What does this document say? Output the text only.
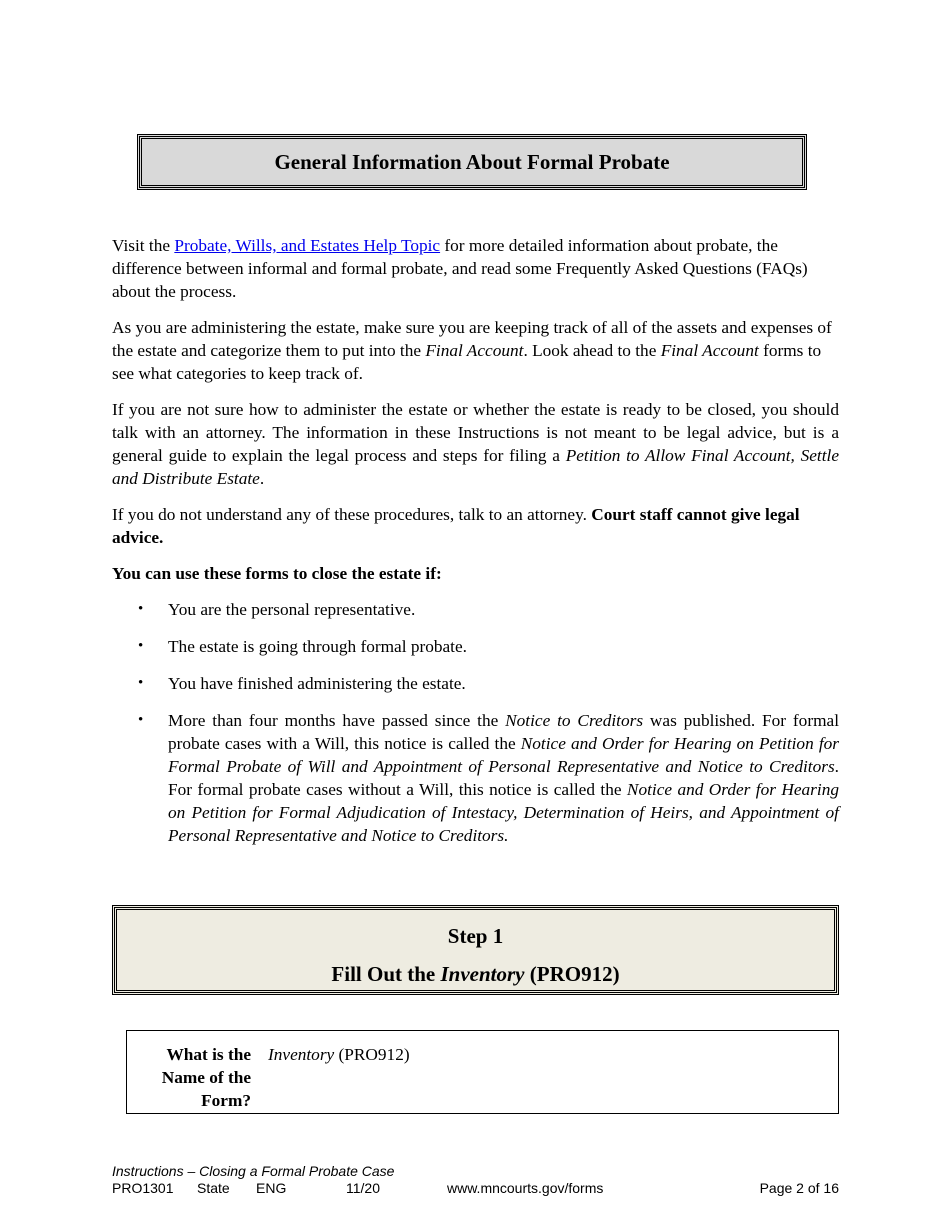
General Information About Formal Probate
Visit the Probate, Wills, and Estates Help Topic for more detailed information about probate, the difference between informal and formal probate, and read some Frequently Asked Questions (FAQs) about the process.
As you are administering the estate, make sure you are keeping track of all of the assets and expenses of the estate and categorize them to put into the Final Account. Look ahead to the Final Account forms to see what categories to keep track of.
If you are not sure how to administer the estate or whether the estate is ready to be closed, you should talk with an attorney. The information in these Instructions is not meant to be legal advice, but is a general guide to explain the legal process and steps for filing a Petition to Allow Final Account, Settle and Distribute Estate.
If you do not understand any of these procedures, talk to an attorney. Court staff cannot give legal advice.
You can use these forms to close the estate if:
• You are the personal representative.
• The estate is going through formal probate.
• You have finished administering the estate.
• More than four months have passed since the Notice to Creditors was published. For formal probate cases with a Will, this notice is called the Notice and Order for Hearing on Petition for Formal Probate of Will and Appointment of Personal Representative and Notice to Creditors. For formal probate cases without a Will, this notice is called the Notice and Order for Hearing on Petition for Formal Adjudication of Intestacy, Determination of Heirs, and Appointment of Personal Representative and Notice to Creditors.
Step 1
Fill Out the Inventory (PRO912)
What is the
Name of the
Form?
Inventory (PRO912)
Instructions – Closing a Formal Probate Case
PRO1301 State ENG	11/20	www.mncourts.gov/forms	Page 2 of 16
